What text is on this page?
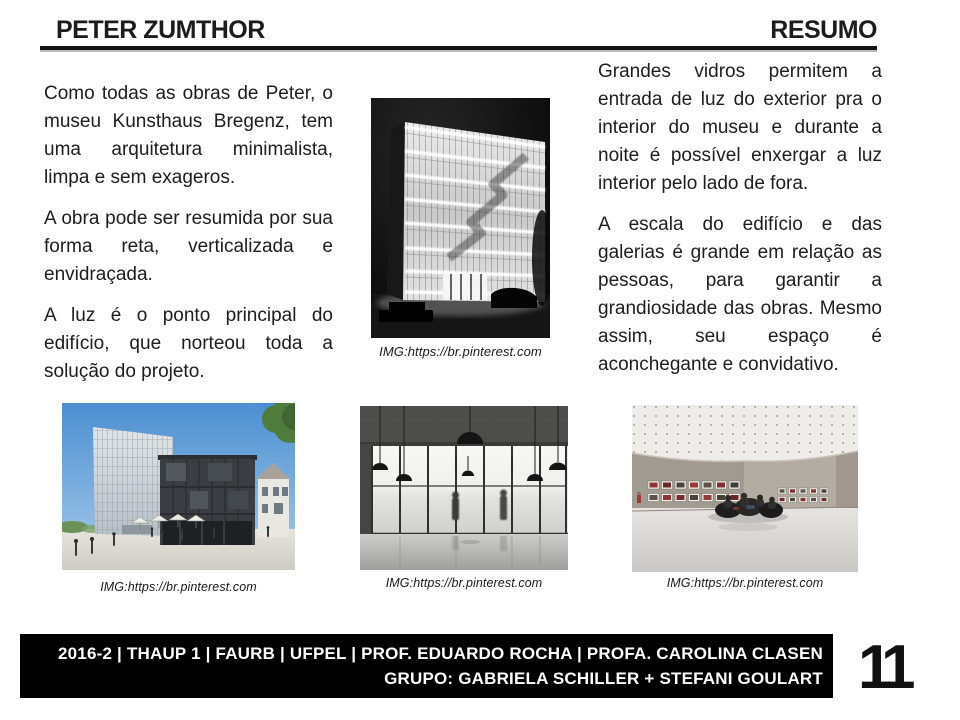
PETER ZUMTHOR	RESUMO

Como todas as obras de Peter, o museu Kunsthaus Bregenz, tem uma arquitetura minimalista, limpa e sem exageros.

A obra pode ser resumida por sua forma reta, verticalizada e envidraçada.

A luz é o ponto principal do edifício, que norteou toda a solução do projeto.

Grandes vidros permitem a entrada de luz do exterior pra o interior do museu e durante a noite é possível enxergar a luz interior pelo lado de fora.

A escala do edifício e das galerias é grande em relação as pessoas, para garantir a grandiosidade das obras. Mesmo assim, seu espaço é aconchegante e convidativo.

IMG:https://br.pinterest.com
IMG:https://br.pinterest.com	IMG:https://br.pinterest.com	IMG:https://br.pinterest.com
2016-2 | THAUP 1 | FAURB | UFPEL | PROF. EDUARDO ROCHA | PROFA. CAROLINA CLASEN
GRUPO: GABRIELA SCHILLER + STEFANI GOULART 11
